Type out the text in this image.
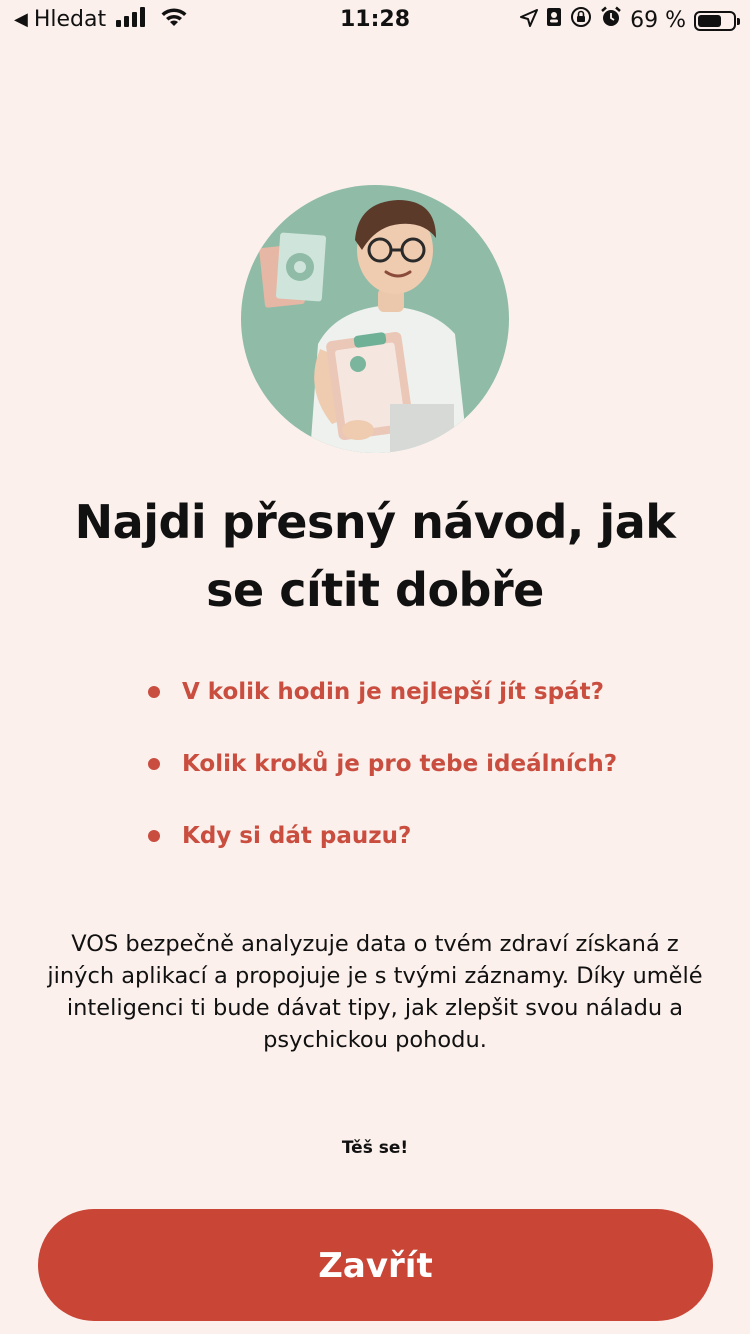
◀ Hledat	11:28	69 %
Najdi přesný návod, jak se cítit dobře
V kolik hodin je nejlepší jít spát?
Kolik kroků je pro tebe ideálních?
Kdy si dát pauzu?
VOS bezpečně analyzuje data o tvém zdraví získaná z jiných aplikací a propojuje je s tvými záznamy. Díky umělé inteligenci ti bude dávat tipy, jak zlepšit svou náladu a psychickou pohodu.
Těš se!
Zavřít
